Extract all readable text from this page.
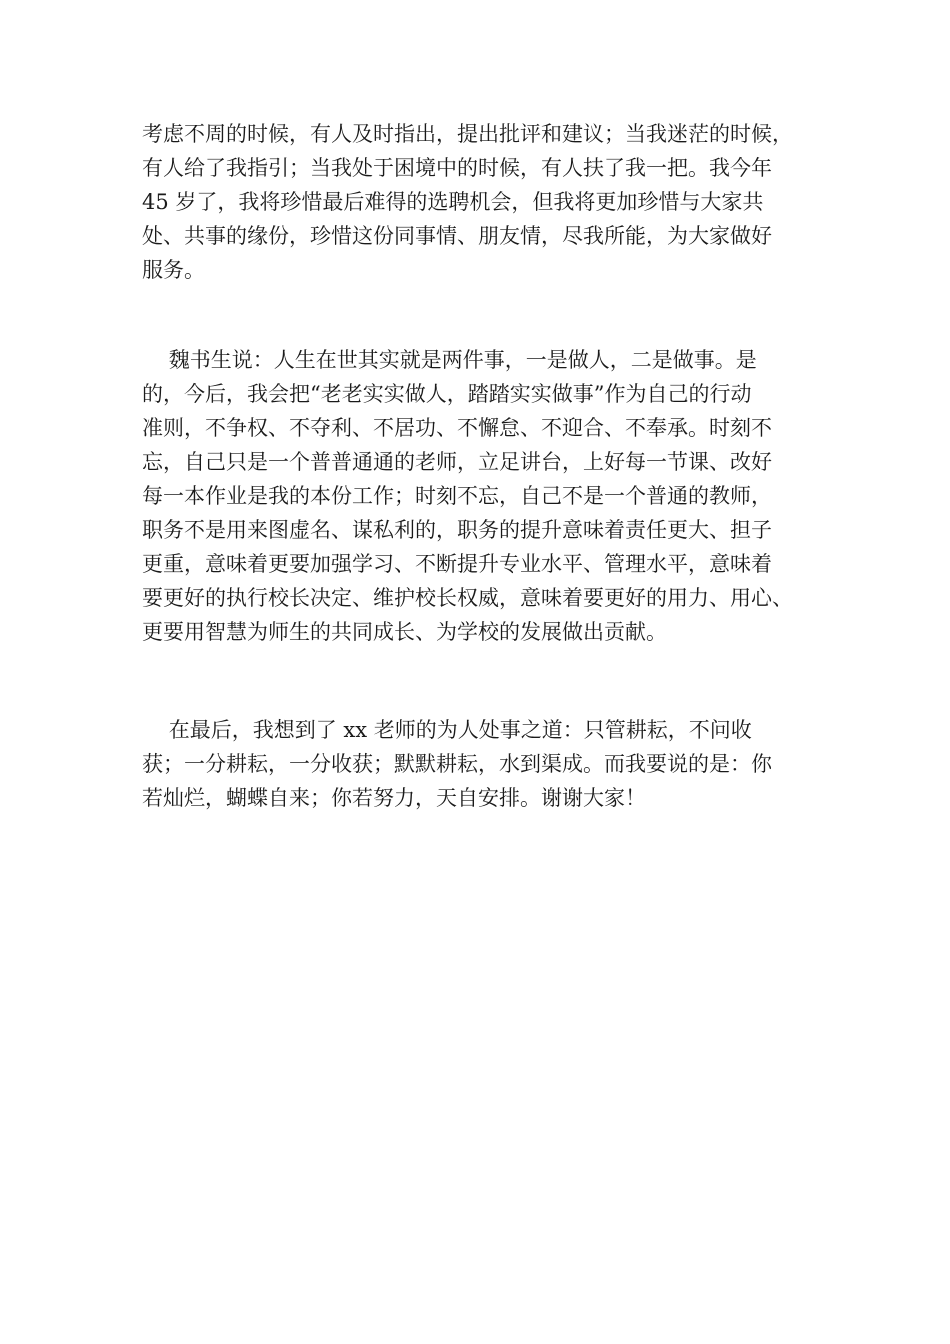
考虑不周的时候，有人及时指出，提出批评和建议；当我迷茫的时候，
有人给了我指引；当我处于困境中的时候，有人扶了我一把。我今年
45 岁了，我将珍惜最后难得的选聘机会，但我将更加珍惜与大家共
处、共事的缘份，珍惜这份同事情、朋友情，尽我所能，为大家做好
服务。
魏书生说：人生在世其实就是两件事，一是做人，二是做事。是
的，今后，我会把“老老实实做人，踏踏实实做事”作为自己的行动
准则，不争权、不夺利、不居功、不懈怠、不迎合、不奉承。时刻不
忘，自己只是一个普普通通的老师，立足讲台，上好每一节课、改好
每一本作业是我的本份工作；时刻不忘，自己不是一个普通的教师，
职务不是用来图虚名、谋私利的，职务的提升意味着责任更大、担子
更重，意味着更要加强学习、不断提升专业水平、管理水平，意味着
要更好的执行校长决定、维护校长权威，意味着要更好的用力、用心、
更要用智慧为师生的共同成长、为学校的发展做出贡献。
在最后，我想到了 xx 老师的为人处事之道：只管耕耘，不问收
获；一分耕耘，一分收获；默默耕耘，水到渠成。而我要说的是：你
若灿烂，蝴蝶自来；你若努力，天自安排。谢谢大家！
